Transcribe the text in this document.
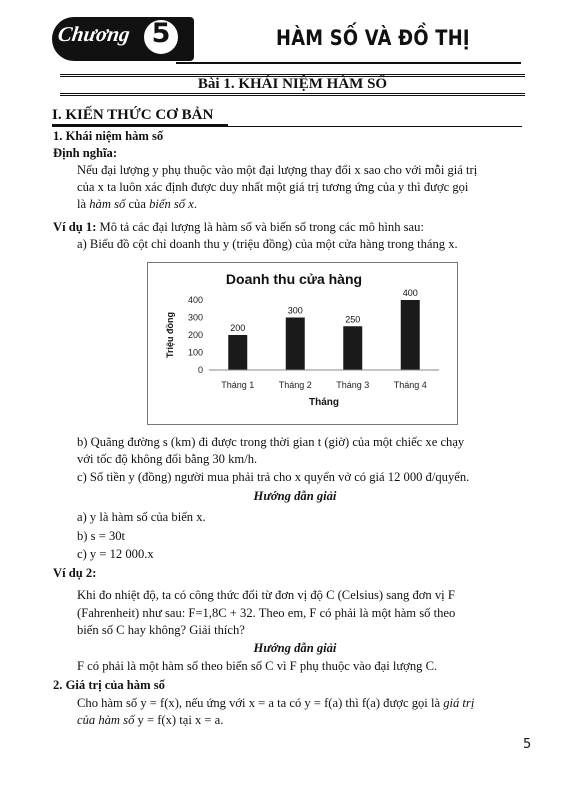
Chương 5	HÀM SỐ VÀ ĐỒ THỊ
Bài 1. KHÁI NIỆM HÀM SỐ
I. KIẾN THỨC CƠ BẢN
1. Khái niệm hàm số
Định nghĩa:
Nếu đại lượng y phụ thuộc vào một đại lượng thay đổi x sao cho với mỗi giá trị
của x ta luôn xác định được duy nhất một giá trị tương ứng của y thì được gọi
là hàm số của biến số x.
Ví dụ 1: Mô tả các đại lượng là hàm số và biến số trong các mô hình sau:
a) Biểu đồ cột chỉ doanh thu y (triệu đồng) của một cửa hàng trong tháng x.
Doanh thu cửa hàng
0
100
200
300
400
200
300
250
400
Tháng 1	Tháng 2	Tháng 3	Tháng 4
Triệu đồng
Tháng
b) Quãng đường s (km) đi được trong thời gian t (giờ) của một chiếc xe chạy
với tốc độ không đổi bằng 30 km/h.
c) Số tiền y (đồng) người mua phải trả cho x quyển vở có giá 12 000 đ/quyển.
Hướng dẫn giải
a) y là hàm số của biến x.
b) s = 30t
c) y = 12 000.x
Ví dụ 2:
Khi đo nhiệt độ, ta có công thức đổi từ đơn vị độ C (Celsius) sang đơn vị F
(Fahrenheit) như sau: F=1,8C + 32. Theo em, F có phải là một hàm số theo
biến số C hay không? Giải thích?
Hướng dẫn giải
F có phải là một hàm số theo biến số C vì F phụ thuộc vào đại lượng C.
2. Giá trị của hàm số
Cho hàm số y = f(x), nếu ứng với x = a ta có y = f(a) thì f(a) được gọi là giá trị
của hàm số y = f(x) tại x = a.
5
